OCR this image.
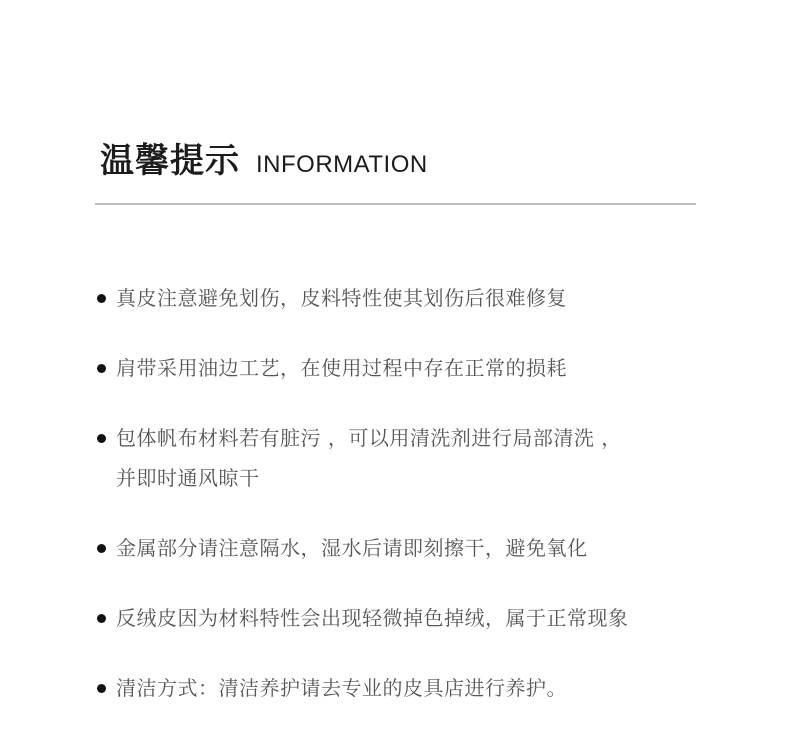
温馨提示 INFORMATION
真皮注意避免划伤，皮料特性使其划伤后很难修复
肩带采用油边工艺，在使用过程中存在正常的损耗
包体帆布材料若有脏污 ，可以用清洗剂进行局部清洗 ，
并即时通风晾干
金属部分请注意隔水，湿水后请即刻擦干，避免氧化
反绒皮因为材料特性会出现轻微掉色掉绒，属于正常现象
清洁方式：清洁养护请去专业的皮具店进行养护。
